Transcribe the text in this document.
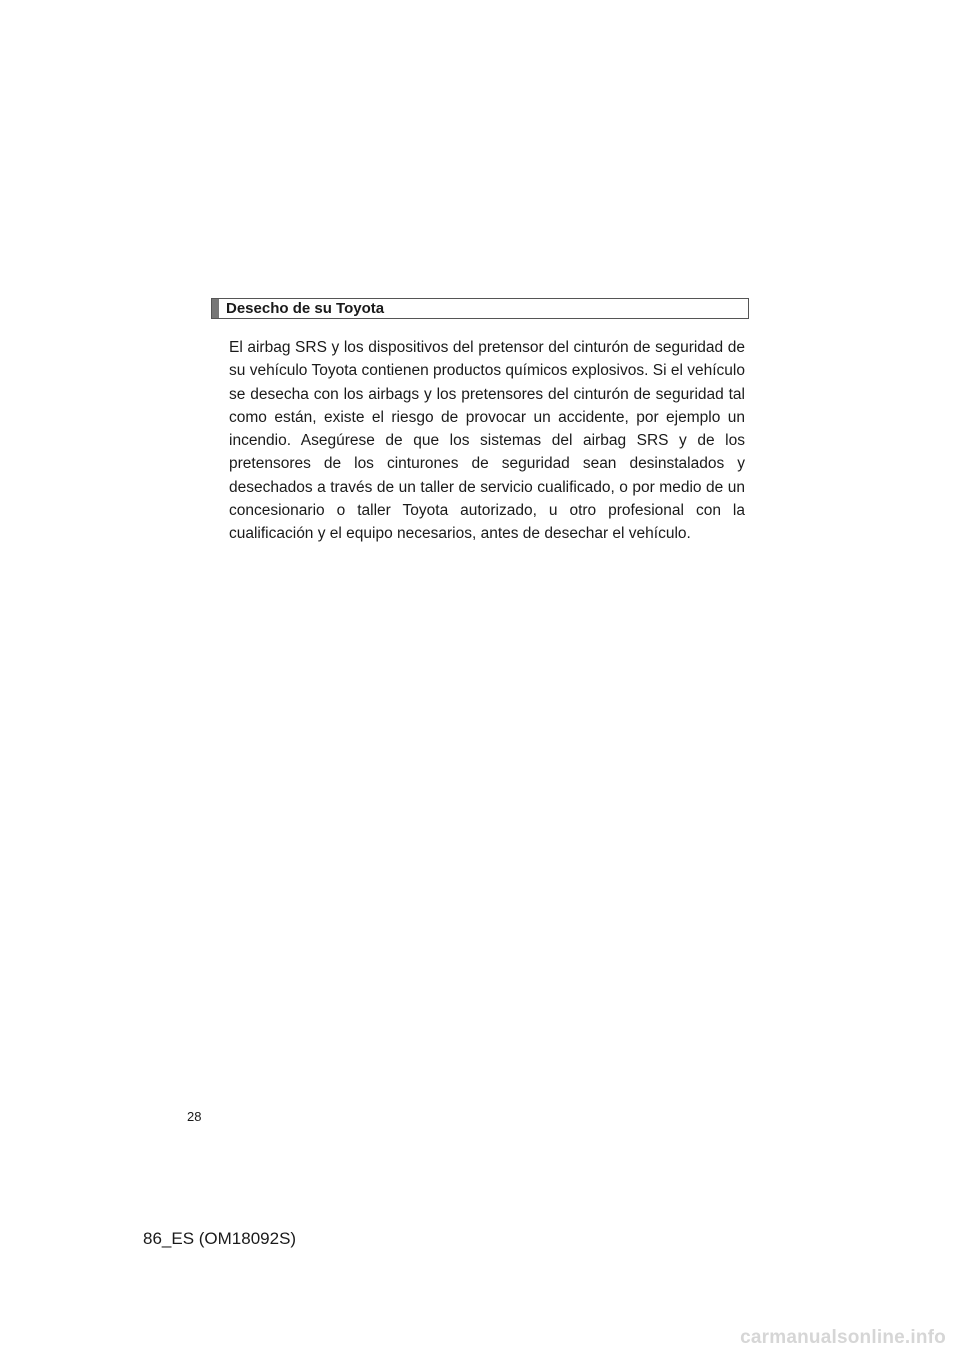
Desecho de su Toyota

El airbag SRS y los dispositivos del pretensor del cinturón de seguridad de su vehículo Toyota contienen productos químicos explosivos. Si el vehículo se desecha con los airbags y los pretensores del cinturón de seguridad tal como están, existe el riesgo de provocar un accidente, por ejemplo un incendio. Asegúrese de que los sistemas del airbag SRS y de los pretensores de los cinturones de seguridad sean desinstalados y desechados a través de un taller de servicio cualificado, o por medio de un concesionario o taller Toyota autorizado, u otro profesional con la cualificación y el equipo necesarios, antes de desechar el vehículo.

28
86_ES (OM18092S)
carmanualsonline.info
